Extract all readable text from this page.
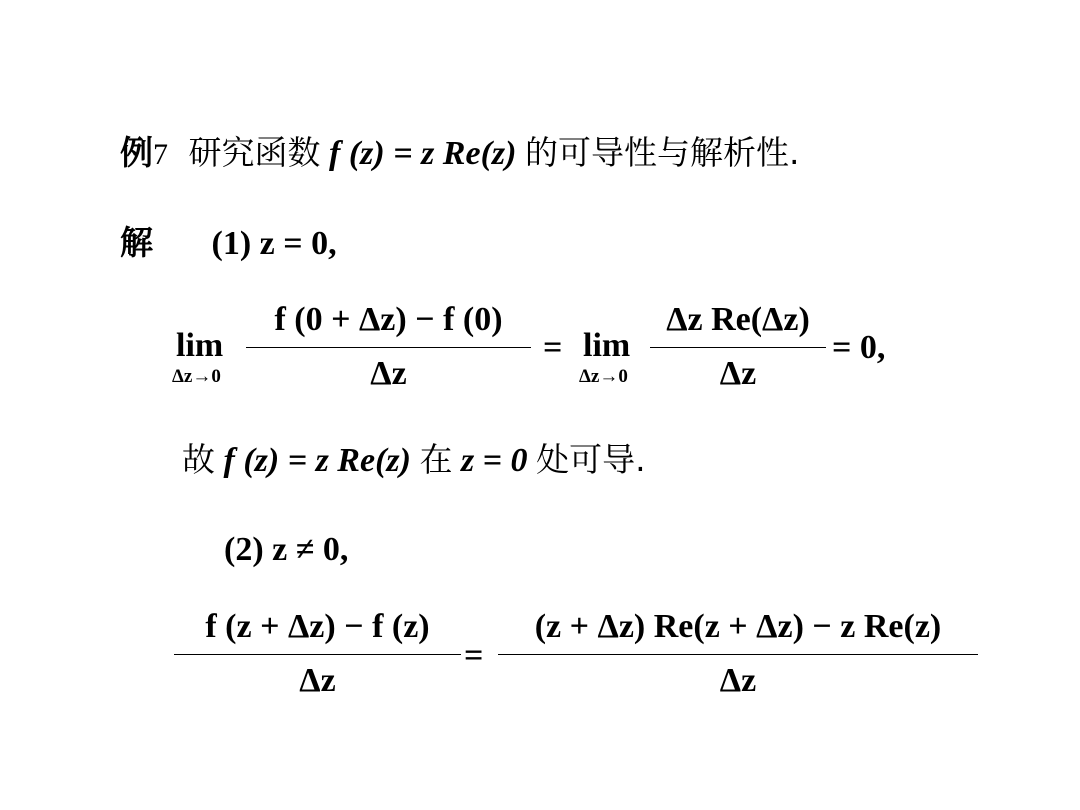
例7 研究函数 f (z) = z Re(z) 的可导性与解析性.
解 (1) z = 0,
lim
Δz→0
f (0 + Δz) − f (0)
Δz
= lim
Δz→0
Δz Re(Δz)
Δz
= 0,
故 f (z) = z Re(z) 在 z = 0 处可导.
(2) z ≠ 0,
f (z + Δz) − f (z)
Δz
=
(z + Δz) Re(z + Δz) − z Re(z)
Δz
